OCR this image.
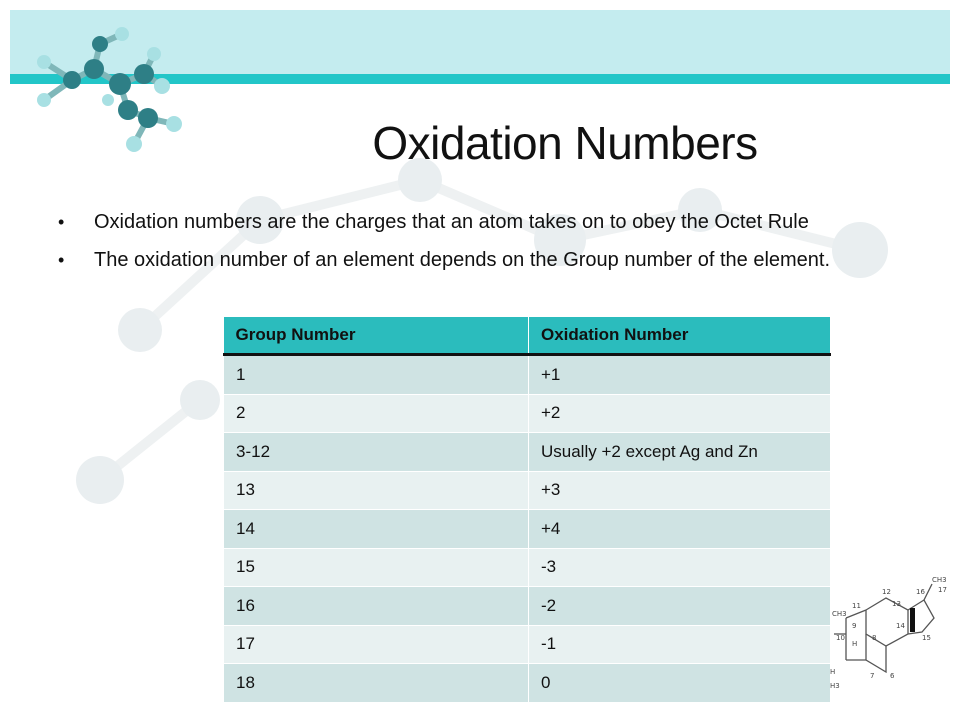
Oxidation Numbers
• Oxidation numbers are the charges that an atom takes on to obey the Octet Rule
• The oxidation number of an element depends on the Group number of the element.
Group Number	Oxidation Number
1	+1
2	+2
3-12	Usually +2 except Ag and Zn
13	+3
14	+4
15	-3
16	-2
17	-1
18	0
CH3
17
16
12
13
11
14
15
CH3
10
9
8
H
H
H3
6
7
